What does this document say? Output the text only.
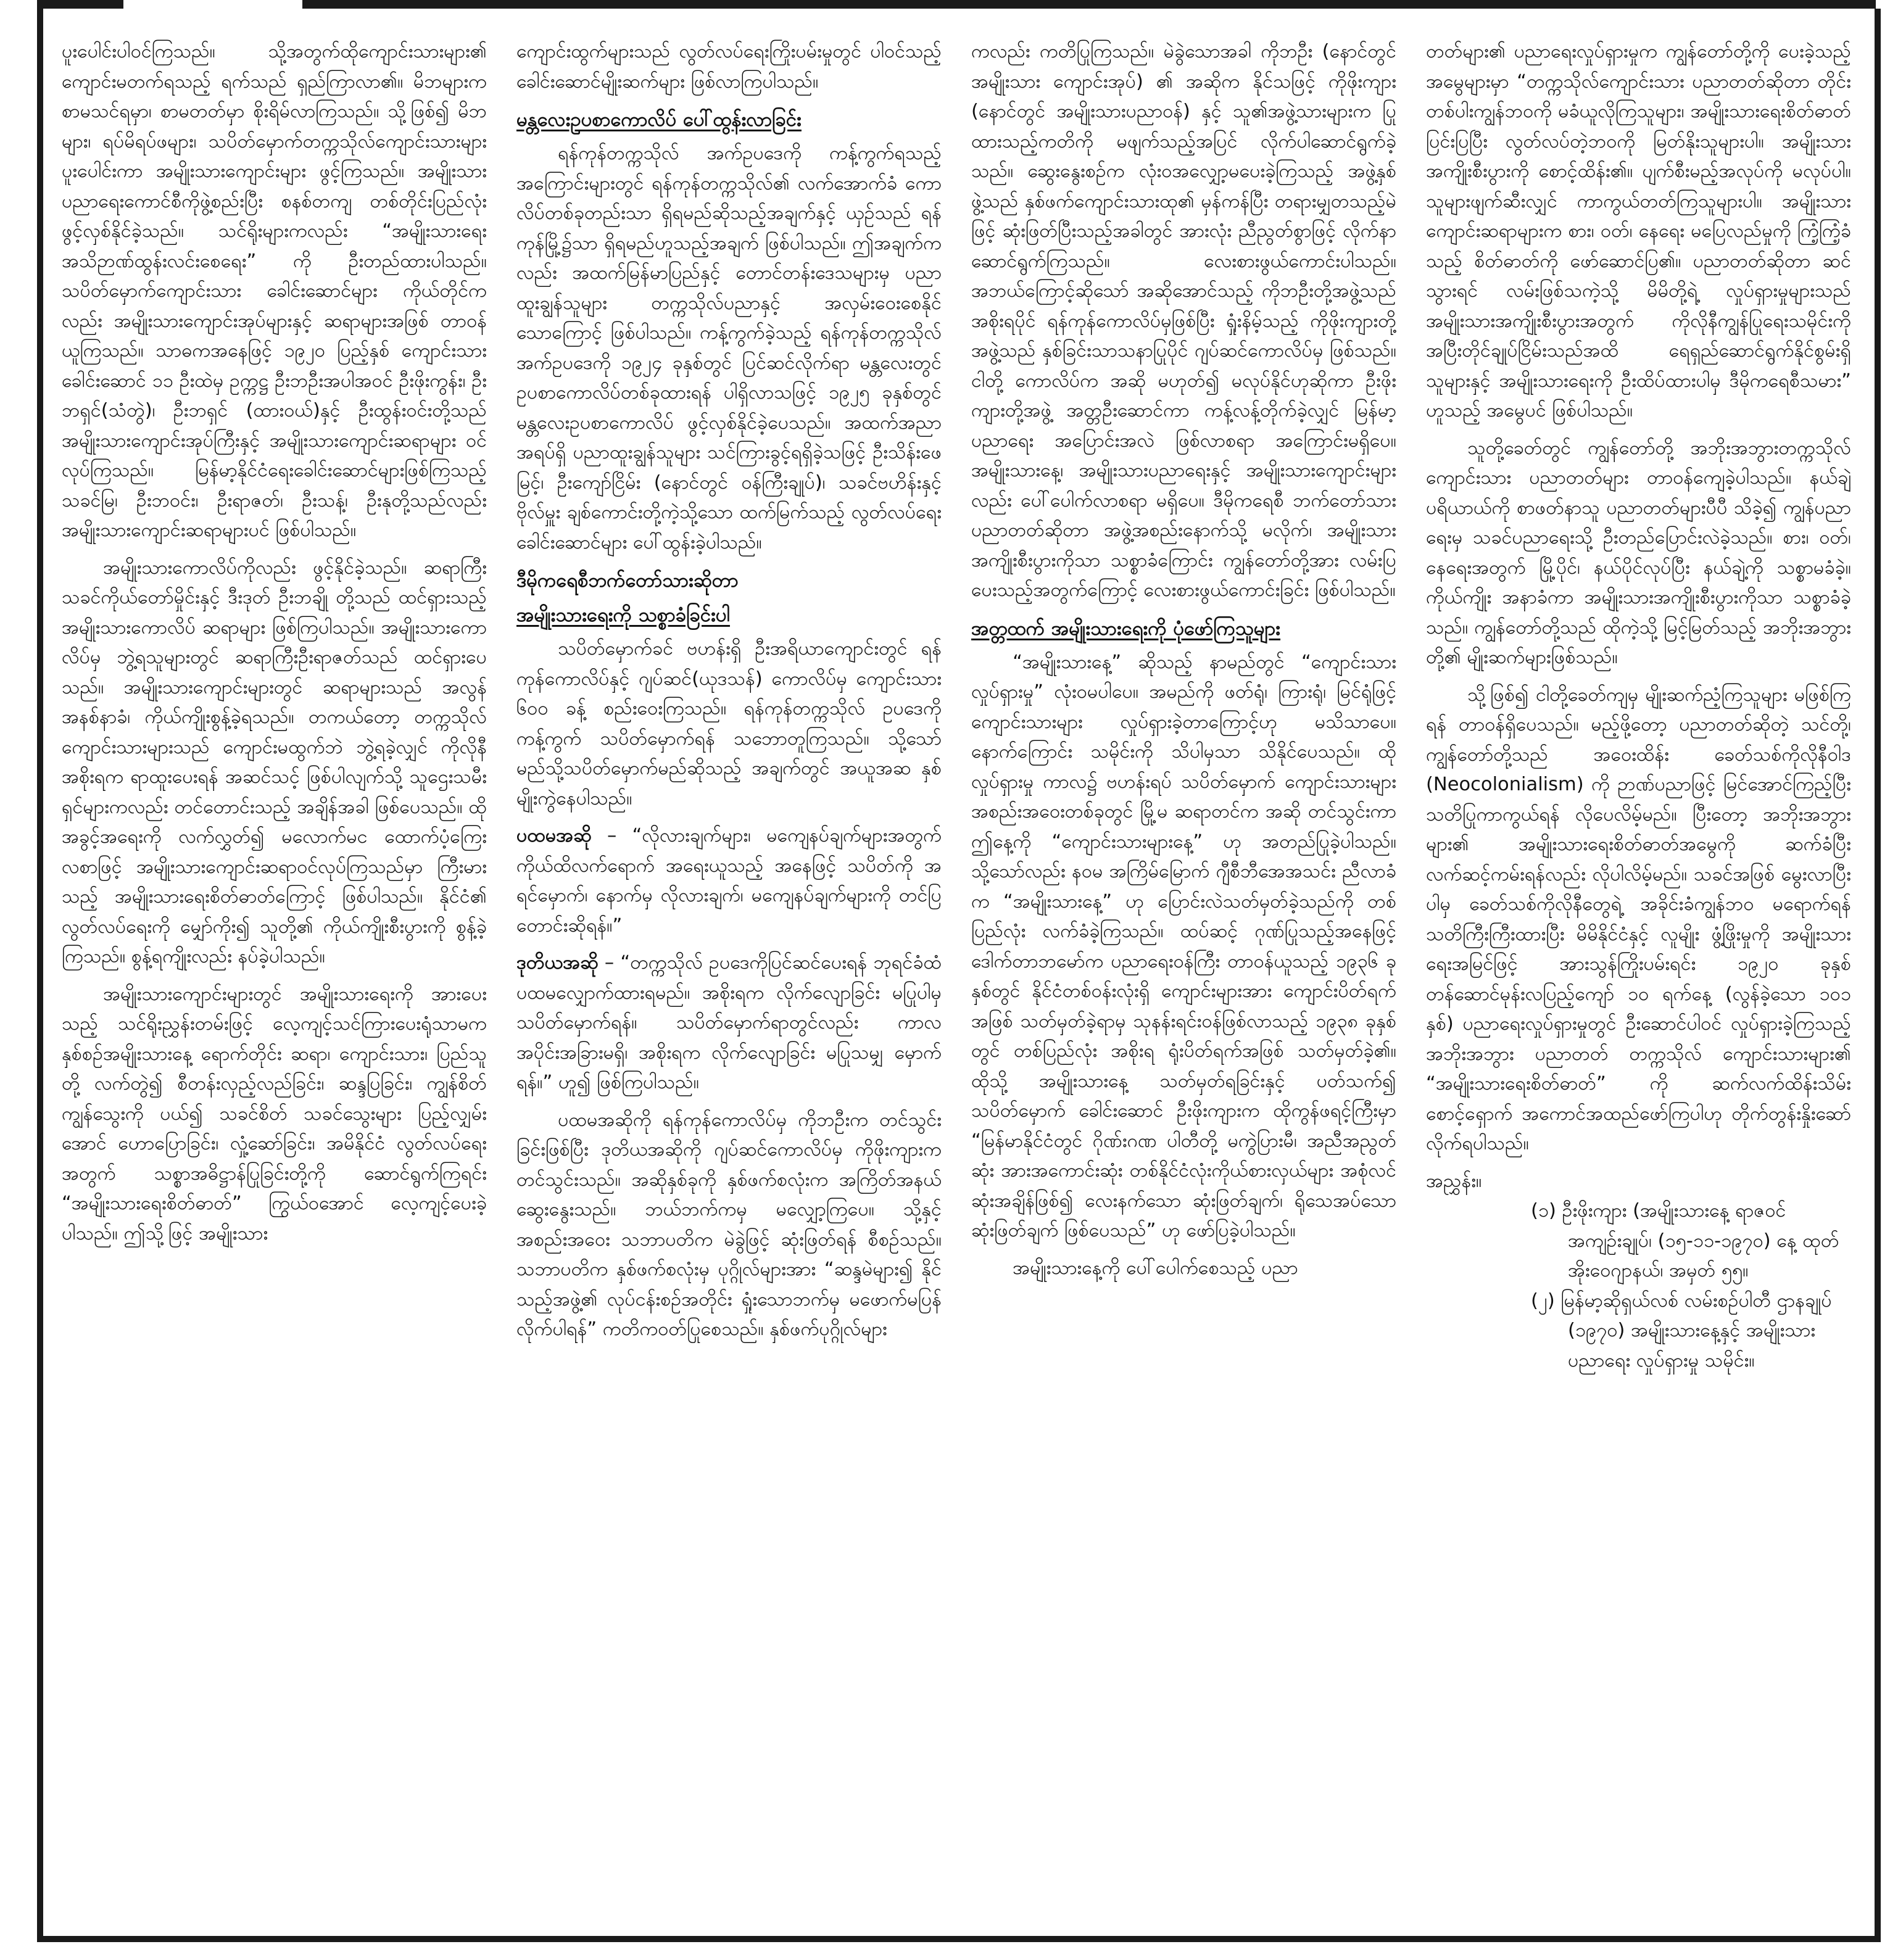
ပူးပေါင်းပါဝင်ကြသည်။ သို့အတွက်ထိုကျောင်းသားများ၏ ကျောင်းမတက်ရသည့် ရက်သည် ရှည်ကြာလာ၏။ မိဘများက စာမသင်ရမှာ၊ စာမတတ်မှာ စိုးရိမ်လာကြသည်။ သို့ဖြစ်၍ မိဘများ၊ ရပ်မိရပ်ဖများ၊ သပိတ်မှောက်တက္ကသိုလ်ကျောင်းသားများ ပူးပေါင်းကာ အမျိုးသားကျောင်းများ ဖွင့်ကြသည်။ အမျိုးသားပညာရေးကောင်စီကိုဖွဲ့စည်းပြီး စနစ်တကျ တစ်တိုင်းပြည်လုံး ဖွင့်လှစ်နိုင်ခဲ့သည်။ သင်ရိုးများကလည်း “အမျိုးသားရေးအသိဉာဏ်ထွန်းလင်းစေရေး” ကို ဦးတည်ထားပါသည်။ သပိတ်မှောက်ကျောင်းသား ခေါင်းဆောင်များ ကိုယ်တိုင်ကလည်း အမျိုးသားကျောင်းအုပ်များနှင့် ဆရာများအဖြစ် တာဝန်ယူကြသည်။ သာဓကအနေဖြင့် ၁၉၂၀ ပြည့်နှစ် ကျောင်းသားခေါင်းဆောင် ၁၁ ဦးထဲမှ ဥက္ကဋ္ဌ ဦးဘဦးအပါအဝင် ဦးဖိုးကွန်း၊ ဦးဘရှင်(သံတွဲ)၊ ဦးဘရှင် (ထားဝယ်)နှင့် ဦးထွန်းဝင်းတို့သည် အမျိုးသားကျောင်းအုပ်ကြီးနှင့် အမျိုးသားကျောင်းဆရာများ ဝင်လုပ်ကြသည်။ မြန်မာ့နိုင်ငံရေးခေါင်းဆောင်များဖြစ်ကြသည့် သခင်မြ၊ ဦးဘဝင်း၊ ဦးရာဇတ်၊ ဦးသန့်၊ ဦးနုတို့သည်လည်း အမျိုးသားကျောင်းဆရာများပင် ဖြစ်ပါသည်။

အမျိုးသားကောလိပ်ကိုလည်း ဖွင့်နိုင်ခဲ့သည်။ ဆရာကြီးသခင်ကိုယ်တော်မှိုင်းနှင့် ဒီးဒုတ် ဦးဘချို တို့သည် ထင်ရှားသည့် အမျိုးသားကောလိပ် ဆရာများ ဖြစ်ကြပါသည်။ အမျိုးသားကောလိပ်မှ ဘွဲ့ရသူများတွင် ဆရာကြီးဦးရာဇတ်သည် ထင်ရှားပေသည်။ အမျိုးသားကျောင်းများတွင် ဆရာများသည် အလွန်အနစ်နာခံ၊ ကိုယ်ကျိုးစွန့်ခဲ့ရသည်။ တကယ်တော့ တက္ကသိုလ်ကျောင်းသားများသည် ကျောင်းမထွက်ဘဲ ဘွဲ့ရခဲ့လျှင် ကိုလိုနီအစိုးရက ရာထူးပေးရန် အဆင်သင့် ဖြစ်ပါလျက်သို့ သူဌေးသမီးရှင်များကလည်း တင်တောင်းသည့် အချိန်အခါ ဖြစ်ပေသည်။ ထိုအခွင့်အရေးကို လက်လွှတ်၍ မလောက်မင ထောက်ပံ့ကြေးလစာဖြင့် အမျိုးသားကျောင်းဆရာဝင်လုပ်ကြသည်မှာ ကြီးမားသည့် အမျိုးသားရေးစိတ်ဓာတ်ကြောင့် ဖြစ်ပါသည်။ နိုင်ငံ၏ လွတ်လပ်ရေးကို မျှော်ကိုး၍ သူတို့၏ ကိုယ်ကျိုးစီးပွားကို စွန့်ခဲ့ကြသည်။ စွန့်ရကျိုးလည်း နပ်ခဲ့ပါသည်။

အမျိုးသားကျောင်းများတွင် အမျိုးသားရေးကို အားပေးသည့် သင်ရိုးညွှန်းတမ်းဖြင့် လေ့ကျင့်သင်ကြားပေးရုံသာမက နှစ်စဉ်အမျိုးသားနေ့ ရောက်တိုင်း ဆရာ၊ ကျောင်းသား၊ ပြည်သူတို့ လက်တွဲ၍ စီတန်းလှည့်လည်ခြင်း၊ ဆန္ဒပြခြင်း၊ ကျွန်စိတ် ကျွန်သွေးကို ပယ်၍ သခင်စိတ် သခင်သွေးများ ပြည့်လျှမ်းအောင် ဟောပြောခြင်း၊ လှုံ့ဆော်ခြင်း၊ အမိနိုင်ငံ လွတ်လပ်ရေးအတွက် သစ္စာအဓိဋ္ဌာန်ပြုခြင်းတို့ကို ဆောင်ရွက်ကြရင်း “အမျိုးသားရေးစိတ်ဓာတ်” ကြွယ်ဝအောင် လေ့ကျင့်ပေးခဲ့ပါသည်။ ဤသို့ဖြင့် အမျိုးသား

ကျောင်းထွက်များသည် လွတ်လပ်ရေးကြိုးပမ်းမှုတွင် ပါဝင်သည့် ခေါင်းဆောင်မျိုးဆက်များ ဖြစ်လာကြပါသည်။

မန္တလေးဥပစာကောလိပ် ပေါ်ထွန်းလာခြင်း

ရန်ကုန်တက္ကသိုလ် အက်ဥပဒေကို ကန့်ကွက်ရသည့် အကြောင်းများတွင် ရန်ကုန်တက္ကသိုလ်၏ လက်အောက်ခံ ကောလိပ်တစ်ခုတည်းသာ ရှိရမည်ဆိုသည့်အချက်နှင့် ယှဉ်သည် ရန်ကုန်မြို့၌သာ ရှိရမည်ဟူသည့်အချက် ဖြစ်ပါသည်။ ဤအချက်ကလည်း အထက်မြန်မာပြည်နှင့် တောင်တန်းဒေသများမှ ပညာထူးချွန်သူများ တက္ကသိုလ်ပညာနှင့် အလှမ်းဝေးစေနိုင်သောကြောင့် ဖြစ်ပါသည်။ ကန့်ကွက်ခဲ့သည့် ရန်ကုန်တက္ကသိုလ် အက်ဥပဒေကို ၁၉၂၄ ခုနှစ်တွင် ပြင်ဆင်လိုက်ရာ မန္တလေးတွင် ဥပစာကောလိပ်တစ်ခုထားရန် ပါရှိလာသဖြင့် ၁၉၂၅ ခုနှစ်တွင် မန္တလေးဥပစာကောလိပ် ဖွင့်လှစ်နိုင်ခဲ့ပေသည်။ အထက်အညာအရပ်ရှိ ပညာထူးချွန်သူများ သင်ကြားခွင့်ရရှိခဲ့သဖြင့် ဦးသိန်းဖေမြင့်၊ ဦးကျော်ငြိမ်း (နောင်တွင် ဝန်ကြီးချုပ်)၊ သခင်ဗဟိန်းနှင့် ဗိုလ်မှူး ချစ်ကောင်းတို့ကဲ့သို့သော ထက်မြက်သည့် လွတ်လပ်ရေး ခေါင်းဆောင်များ ပေါ်ထွန်းခဲ့ပါသည်။

ဒီမိုကရေစီဘက်တော်သားဆိုတာ
အမျိုးသားရေးကို သစ္စာခံခြင်းပါ

သပိတ်မှောက်ခင် ဗဟန်းရှိ ဦးအရိယာကျောင်းတွင် ရန်ကုန်ကောလိပ်နှင့် ဂျပ်ဆင်(ယုဒသန်) ကောလိပ်မှ ကျောင်းသား ၆၀၀ ခန့် စည်းဝေးကြသည်။ ရန်ကုန်တက္ကသိုလ် ဥပဒေကို ကန့်ကွက် သပိတ်မှောက်ရန် သဘောတူကြသည်။ သို့သော် မည်သို့သပိတ်မှောက်မည်ဆိုသည့် အချက်တွင် အယူအဆ နှစ်မျိုးကွဲနေပါသည်။

ပထမအဆို – “လိုလားချက်များ၊ မကျေနပ်ချက်များအတွက် ကိုယ်ထိလက်ရောက် အရေးယူသည့် အနေဖြင့် သပိတ်ကို အရင်မှောက်၊ နောက်မှ လိုလားချက်၊ မကျေနပ်ချက်များကို တင်ပြတောင်းဆိုရန်။”

ဒုတိယအဆို – “တက္ကသိုလ် ဥပဒေကိုပြင်ဆင်ပေးရန် ဘုရင်ခံထံ ပထမလျှောက်ထားရမည်။ အစိုးရက လိုက်လျောခြင်း မပြုပါမှ သပိတ်မှောက်ရန်။ သပိတ်မှောက်ရာတွင်လည်း ကာလအပိုင်းအခြားမရှိ၊ အစိုးရက လိုက်လျောခြင်း မပြုသမျှ မှောက်ရန်။” ဟူ၍ ဖြစ်ကြပါသည်။

ပထမအဆိုကို ရန်ကုန်ကောလိပ်မှ ကိုဘဦးက တင်သွင်းခြင်းဖြစ်ပြီး ဒုတိယအဆိုကို ဂျပ်ဆင်ကောလိပ်မှ ကိုဖိုးကျားက တင်သွင်းသည်။ အဆိုနှစ်ခုကို နှစ်ဖက်စလုံးက အကြိတ်အနယ် ဆွေးနွေးသည်။ ဘယ်ဘက်ကမှ မလျှော့ကြပေ။ သို့နှင့်အစည်းအဝေး သဘာပတိက မဲခွဲဖြင့် ဆုံးဖြတ်ရန် စီစဉ်သည်။ သဘာပတိက နှစ်ဖက်စလုံးမှ ပုဂ္ဂိုလ်များအား “ဆန္ဒမဲများ၍ နိုင်သည့်အဖွဲ့၏ လုပ်ငန်းစဉ်အတိုင်း ရှုံးသောဘက်မှ မဖောက်မပြန်လိုက်ပါရန်” ကတိကဝတ်ပြုစေသည်။ နှစ်ဖက်ပုဂ္ဂိုလ်များ

ကလည်း ကတိပြုကြသည်။ မဲခွဲသောအခါ ကိုဘဦး (နောင်တွင် အမျိုးသား ကျောင်းအုပ်) ၏ အဆိုက နိုင်သဖြင့် ကိုဖိုးကျား (နောင်တွင် အမျိုးသားပညာဝန်) နှင့် သူ၏အဖွဲ့သားများက ပြုထားသည့်ကတိကို မဖျက်သည့်အပြင် လိုက်ပါဆောင်ရွက်ခဲ့သည်။ ဆွေးနွေးစဉ်က လုံးဝအလျှော့မပေးခဲ့ကြသည့် အဖွဲ့နှစ်ဖွဲ့သည် နှစ်ဖက်ကျောင်းသားထု၏ မှန်ကန်ပြီး တရားမျှတသည့်မဲဖြင့် ဆုံးဖြတ်ပြီးသည့်အခါတွင် အားလုံး ညီညွတ်စွာဖြင့် လိုက်နာဆောင်ရွက်ကြသည်။ လေးစားဖွယ်ကောင်းပါသည်။ အဘယ်ကြောင့်ဆိုသော် အဆိုအောင်သည့် ကိုဘဦးတို့အဖွဲ့သည် အစိုးရပိုင် ရန်ကုန်ကောလိပ်မှဖြစ်ပြီး ရှုံးနိမ့်သည့် ကိုဖိုးကျားတို့အဖွဲ့သည် နှစ်ခြင်းသာသနာပြုပိုင် ဂျပ်ဆင်ကောလိပ်မှ ဖြစ်သည်။ ငါတို့ ကောလိပ်က အဆို မဟုတ်၍ မလုပ်နိုင်ဟုဆိုကာ ဦးဖိုးကျားတို့အဖွဲ့ အတ္တဦးဆောင်ကာ ကန့်လန့်တိုက်ခဲ့လျှင် မြန်မာ့ပညာရေး အပြောင်းအလဲ ဖြစ်လာစရာ အကြောင်းမရှိပေ။ အမျိုးသားနေ့၊ အမျိုးသားပညာရေးနှင့် အမျိုးသားကျောင်းများလည်း ပေါ်ပေါက်လာစရာ မရှိပေ။ ဒီမိုကရေစီ ဘက်တော်သား ပညာတတ်ဆိုတာ အဖွဲ့အစည်းနောက်သို့ မလိုက်၊ အမျိုးသား အကျိုးစီးပွားကိုသာ သစ္စာခံကြောင်း ကျွန်တော်တို့အား လမ်းပြပေးသည့်အတွက်ကြောင့် လေးစားဖွယ်ကောင်းခြင်း ဖြစ်ပါသည်။

အတ္တထက် အမျိုးသားရေးကို ပုံဖော်ကြသူများ

“အမျိုးသားနေ့” ဆိုသည့် နာမည်တွင် “ကျောင်းသားလှုပ်ရှားမှု” လုံးဝမပါပေ။ အမည်ကို ဖတ်ရုံ၊ ကြားရုံ၊ မြင်ရုံဖြင့် ကျောင်းသားများ လှုပ်ရှားခဲ့တာကြောင့်ဟု မသိသာပေ။ နောက်ကြောင်း သမိုင်းကို သိပါမှသာ သိနိုင်ပေသည်။ ထိုလှုပ်ရှားမှု ကာလ၌ ဗဟန်းရပ် သပိတ်မှောက် ကျောင်းသားများ အစည်းအဝေးတစ်ခုတွင် မြို့မ ဆရာတင်က အဆို တင်သွင်းကာ ဤနေ့ကို “ကျောင်းသားများနေ့” ဟု အတည်ပြုခဲ့ပါသည်။ သို့သော်လည်း နဝမ အကြိမ်မြောက် ဂျီစီဘီအေအသင်း ညီလာခံက “အမျိုးသားနေ့” ဟု ပြောင်းလဲသတ်မှတ်ခဲ့သည်ကို တစ်ပြည်လုံး လက်ခံခဲ့ကြသည်။ ထပ်ဆင့် ဂုဏ်ပြုသည့်အနေဖြင့် ဒေါက်တာဘမော်က ပညာရေးဝန်ကြီး တာဝန်ယူသည့် ၁၉၃၆ ခုနှစ်တွင် နိုင်ငံတစ်ဝန်းလုံးရှိ ကျောင်းများအား ကျောင်းပိတ်ရက်အဖြစ် သတ်မှတ်ခဲ့ရာမှ သုနန်းရင်းဝန်ဖြစ်လာသည့် ၁၉၃၈ ခုနှစ်တွင် တစ်ပြည်လုံး အစိုးရ ရုံးပိတ်ရက်အဖြစ် သတ်မှတ်ခဲ့၏။ ထိုသို့ အမျိုးသားနေ့ သတ်မှတ်ရခြင်းနှင့် ပတ်သက်၍ သပိတ်မှောက် ခေါင်းဆောင် ဦးဖိုးကျားက ထိုကွန်ဖရင့်ကြီးမှာ “မြန်မာနိုင်ငံတွင် ဂိုဏ်းဂဏ ပါတီတို့ မကွဲပြားမီ၊ အညီအညွတ်ဆုံး အားအကောင်းဆုံး တစ်နိုင်ငံလုံးကိုယ်စားလှယ်များ အစုံလင်ဆုံးအချိန်ဖြစ်၍ လေးနက်သော ဆုံးဖြတ်ချက်၊ ရိုသေအပ်သော ဆုံးဖြတ်ချက် ဖြစ်ပေသည်” ဟု ဖော်ပြခဲ့ပါသည်။

အမျိုးသားနေ့ကို ပေါ်ပေါက်စေသည့် ပညာ

တတ်များ၏ ပညာရေးလှုပ်ရှားမှုက ကျွန်တော်တို့ကို ပေးခဲ့သည့် အမွေများမှာ “တက္ကသိုလ်ကျောင်းသား ပညာတတ်ဆိုတာ တိုင်းတစ်ပါးကျွန်ဘဝကို မခံယူလိုကြသူများ၊ အမျိုးသားရေးစိတ်ဓာတ် ပြင်းပြပြီး လွတ်လပ်တဲ့ဘဝကို မြတ်နိုးသူများပါ။ အမျိုးသား အကျိုးစီးပွားကို စောင့်ထိန်း၏။ ပျက်စီးမည့်အလုပ်ကို မလုပ်ပါ။ သူများဖျက်ဆီးလျှင် ကာကွယ်တတ်ကြသူများပါ။ အမျိုးသားကျောင်းဆရာများက စား၊ ဝတ်၊ နေရေး မပြေလည်မှုကို ကြံ့ကြံ့ခံသည့် စိတ်ဓာတ်ကို ဖော်ဆောင်ပြ၏။ ပညာတတ်ဆိုတာ ဆင်သွားရင် လမ်းဖြစ်သကဲ့သို့ မိမိတို့ရဲ့ လှုပ်ရှားမှုများသည် အမျိုးသားအကျိုးစီးပွားအတွက် ကိုလိုနီကျွန်ပြုရေးသမိုင်းကို အပြီးတိုင်ချုပ်ငြိမ်းသည်အထိ ရေရှည်ဆောင်ရွက်နိုင်စွမ်းရှိသူများနှင့် အမျိုးသားရေးကို ဦးထိပ်ထားပါမှ ဒီမိုကရေစီသမား” ဟူသည့် အမွေပင် ဖြစ်ပါသည်။

သူတို့ခေတ်တွင် ကျွန်တော်တို့ အဘိုးအဘွားတက္ကသိုလ်ကျောင်းသား ပညာတတ်များ တာဝန်ကျေခဲ့ပါသည်။ နယ်ချဲ့ပရိယာယ်ကို စာဖတ်နာသူ ပညာတတ်များပီပီ သိခဲ့၍ ကျွန်ပညာရေးမှ သခင်ပညာရေးသို့ ဦးတည်ပြောင်းလဲခဲ့သည်။ စား၊ ဝတ်၊ နေရေးအတွက် မြို့ပိုင်၊ နယ်ပိုင်လုပ်ပြီး နယ်ချဲ့ကို သစ္စာမခံခဲ့။ ကိုယ်ကျိုး အနာခံကာ အမျိုးသားအကျိုးစီးပွားကိုသာ သစ္စာခံခဲ့သည်။ ကျွန်တော်တို့သည် ထိုကဲ့သို့ မြင့်မြတ်သည့် အဘိုးအဘွားတို့၏ မျိုးဆက်များဖြစ်သည်။

သို့ဖြစ်၍ ငါတို့ခေတ်ကျမှ မျိုးဆက်ညံ့ကြသူများ မဖြစ်ကြရန် တာဝန်ရှိပေသည်။ မည့်ဖို့တော့ ပညာတတ်ဆိုတဲ့ သင်တို့၊ ကျွန်တော်တို့သည် အဝေးထိန်း ခေတ်သစ်ကိုလိုနီဝါဒ (Neocolonialism) ကို ဉာဏ်ပညာဖြင့် မြင်အောင်ကြည့်ပြီး သတိပြုကာကွယ်ရန် လိုပေလိမ့်မည်။ ပြီးတော့ အဘိုးအဘွားများ၏ အမျိုးသားရေးစိတ်ဓာတ်အမွေကို ဆက်ခံပြီး လက်ဆင့်ကမ်းရန်လည်း လိုပါလိမ့်မည်။ သခင်အဖြစ် မွေးလာပြီးပါမှ ခေတ်သစ်ကိုလိုနီတွေရဲ့ အခိုင်းခံကျွန်ဘဝ မရောက်ရန် သတိကြီးကြီးထားပြီး မိမိနိုင်ငံနှင့် လူမျိုး ဖွံ့ဖြိုးမှုကို အမျိုးသားရေးအမြင်ဖြင့် အားသွန်ကြိုးပမ်းရင်း ၁၉၂၀ ခုနှစ် တန်ဆောင်မုန်းလပြည့်ကျော် ၁၀ ရက်နေ့ (လွန်ခဲ့သော ၁၀၁ နှစ်) ပညာရေးလှုပ်ရှားမှုတွင် ဦးဆောင်ပါဝင် လှုပ်ရှားခဲ့ကြသည့် အဘိုးအဘွား ပညာတတ် တက္ကသိုလ် ကျောင်းသားများ၏ “အမျိုးသားရေးစိတ်ဓာတ်” ကို ဆက်လက်ထိန်းသိမ်းစောင့်ရှောက် အကောင်အထည်ဖော်ကြပါဟု တိုက်တွန်းနှိုးဆော်လိုက်ရပါသည်။

အညွှန်း။

(၁) ဦးဖိုးကျား (အမျိုးသားနေ့ ရာဇဝင် အကျဉ်းချုပ်၊ (၁၅-၁၁-၁၉၇၀) နေ့ ထုတ် အိုးဝေဂျာနယ်၊ အမှတ် ၅၅။

(၂) မြန်မာ့ဆိုရှယ်လစ် လမ်းစဉ်ပါတီ ဌာနချုပ် (၁၉၇၀) အမျိုးသားနေ့နှင့် အမျိုးသားပညာရေး လှုပ်ရှားမှု သမိုင်း။
